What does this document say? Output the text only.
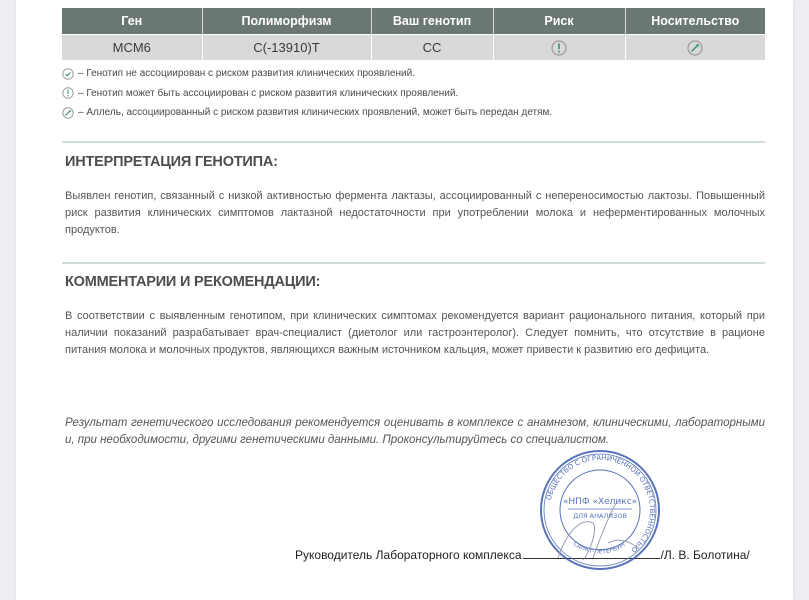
Ген	Полиморфизм	Ваш генотип	Риск	Носительство
MCM6	C(-13910)T	CC		
– Генотип не ассоциирован с риском развития клинических проявлений.
– Генотип может быть ассоциирован с риском развития клинических проявлений.
– Аллель, ассоциированный с риском развития клинических проявлений, может быть передан детям.
ИНТЕРПРЕТАЦИЯ ГЕНОТИПА:
Выявлен генотип, связанный с низкой активностью фермента лактазы, ассоциированный с непереносимостью лактозы. Повышенный риск развития клинических симптомов лактазной недостаточности при употреблении молока и неферментированных молочных продуктов.
КОММЕНТАРИИ И РЕКОМЕНДАЦИИ:
В соответствии с выявленным генотипом, при клинических симптомах рекомендуется вариант рационального питания, который при наличии показаний разрабатывает врач-специалист (диетолог или гастроэнтеролог). Следует помнить, что отсутствие в рационе питания молока и молочных продуктов, являющихся важным источником кальция, может привести к развитию его дефицита.
Результат генетического исследования рекомендуется оценивать в комплексе с анамнезом, клиническими, лабораторными и, при необходимости, другими генетическими данными. Проконсультируйтесь со специалистом.
Руководитель Лабораторного комплекса	/Л. В. Болотина/
ОБЩЕСТВО С ОГРАНИЧЕННОЙ ОТВЕТСТВЕННОСТЬЮ
«НПФ «Хеликс»
ДЛЯ АНАЛИЗОВ
САНКТ-ПЕТЕРБУРГ
